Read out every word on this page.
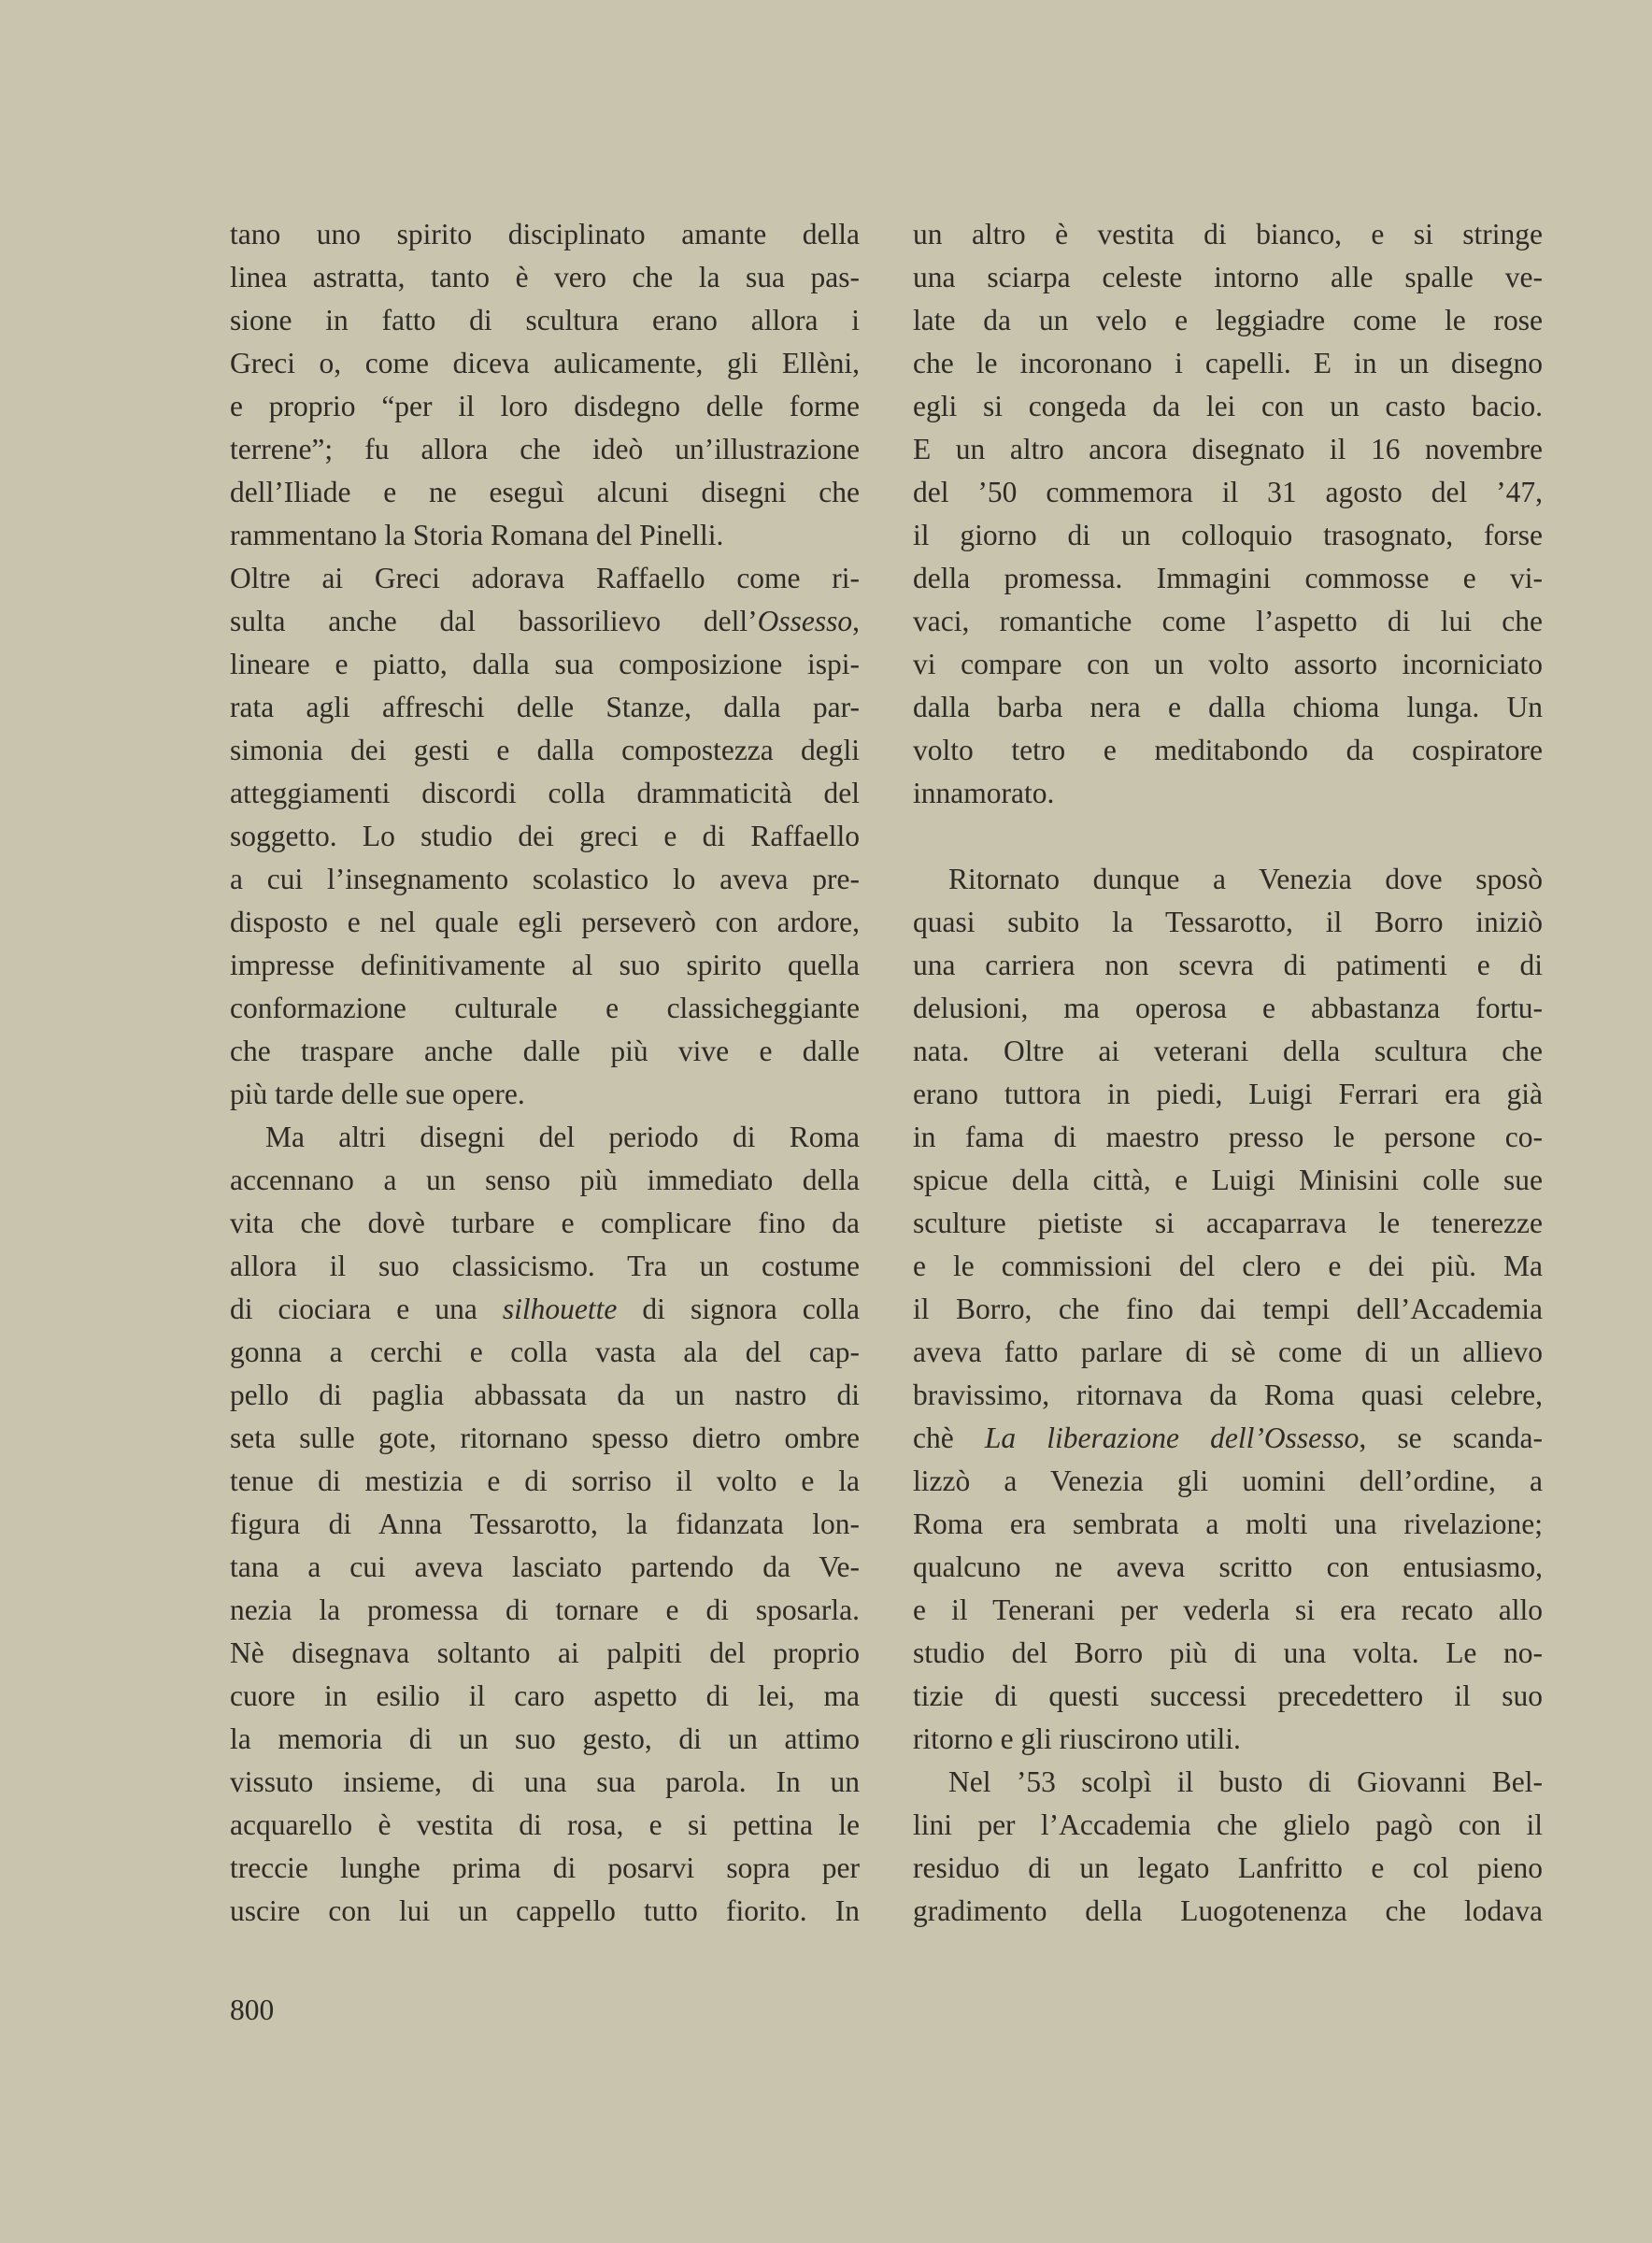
tano uno spirito disciplinato amante della
linea astratta, tanto è vero che la sua pas-
sione in fatto di scultura erano allora i
Greci o, come diceva aulicamente, gli Ellèni,
e proprio “per il loro disdegno delle forme
terrene”; fu allora che ideò un’illustrazione
dell’Iliade e ne eseguì alcuni disegni che
rammentano la Storia Romana del Pinelli.
Oltre ai Greci adorava Raffaello come ri-
sulta anche dal bassorilievo dell’Ossesso,
lineare e piatto, dalla sua composizione ispi-
rata agli affreschi delle Stanze, dalla par-
simonia dei gesti e dalla compostezza degli
atteggiamenti discordi colla drammaticità del
soggetto. Lo studio dei greci e di Raffaello
a cui l’insegnamento scolastico lo aveva pre-
disposto e nel quale egli perseverò con ardore,
impresse definitivamente al suo spirito quella
conformazione culturale e classicheggiante
che traspare anche dalle più vive e dalle
più tarde delle sue opere.
Ma altri disegni del periodo di Roma
accennano a un senso più immediato della
vita che dovè turbare e complicare fino da
allora il suo classicismo. Tra un costume
di ciociara e una silhouette di signora colla
gonna a cerchi e colla vasta ala del cap-
pello di paglia abbassata da un nastro di
seta sulle gote, ritornano spesso dietro ombre
tenue di mestizia e di sorriso il volto e la
figura di Anna Tessarotto, la fidanzata lon-
tana a cui aveva lasciato partendo da Ve-
nezia la promessa di tornare e di sposarla.
Nè disegnava soltanto ai palpiti del proprio
cuore in esilio il caro aspetto di lei, ma
la memoria di un suo gesto, di un attimo
vissuto insieme, di una sua parola. In un
acquarello è vestita di rosa, e si pettina le
treccie lunghe prima di posarvi sopra per
uscire con lui un cappello tutto fiorito. In
un altro è vestita di bianco, e si stringe
una sciarpa celeste intorno alle spalle ve-
late da un velo e leggiadre come le rose
che le incoronano i capelli. E in un disegno
egli si congeda da lei con un casto bacio.
E un altro ancora disegnato il 16 novembre
del ’50 commemora il 31 agosto del ’47,
il giorno di un colloquio trasognato, forse
della promessa. Immagini commosse e vi-
vaci, romantiche come l’aspetto di lui che
vi compare con un volto assorto incorniciato
dalla barba nera e dalla chioma lunga. Un
volto tetro e meditabondo da cospiratore
innamorato.
Ritornato dunque a Venezia dove sposò
quasi subito la Tessarotto, il Borro iniziò
una carriera non scevra di patimenti e di
delusioni, ma operosa e abbastanza fortu-
nata. Oltre ai veterani della scultura che
erano tuttora in piedi, Luigi Ferrari era già
in fama di maestro presso le persone co-
spicue della città, e Luigi Minisini colle sue
sculture pietiste si accaparrava le tenerezze
e le commissioni del clero e dei più. Ma
il Borro, che fino dai tempi dell’Accademia
aveva fatto parlare di sè come di un allievo
bravissimo, ritornava da Roma quasi celebre,
chè La liberazione dell’Ossesso, se scanda-
lizzò a Venezia gli uomini dell’ordine, a
Roma era sembrata a molti una rivelazione;
qualcuno ne aveva scritto con entusiasmo,
e il Tenerani per vederla si era recato allo
studio del Borro più di una volta. Le no-
tizie di questi successi precedettero il suo
ritorno e gli riuscirono utili.
Nel ’53 scolpì il busto di Giovanni Bel-
lini per l’Accademia che glielo pagò con il
residuo di un legato Lanfritto e col pieno
gradimento della Luogotenenza che lodava
800
